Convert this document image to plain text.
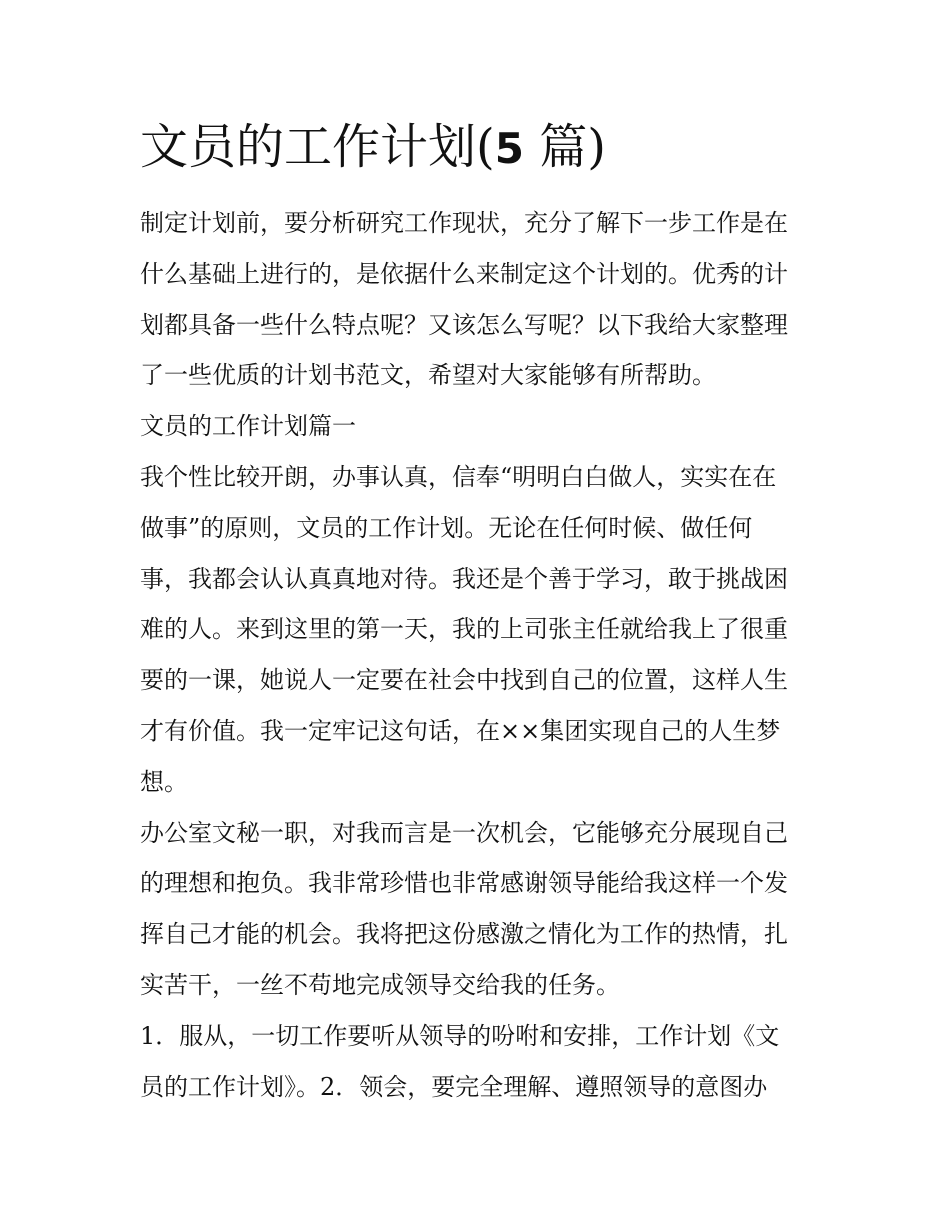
文员的工作计划(5 篇)
制定计划前，要分析研究工作现状，充分了解下一步工作是在
什么基础上进行的，是依据什么来制定这个计划的。优秀的计
划都具备一些什么特点呢？又该怎么写呢？以下我给大家整理
了一些优质的计划书范文，希望对大家能够有所帮助。
文员的工作计划篇一
我个性比较开朗，办事认真，信奉“明明白白做人，实实在在
做事”的原则，文员的工作计划。无论在任何时候、做任何
事，我都会认认真真地对待。我还是个善于学习，敢于挑战困
难的人。来到这里的第一天，我的上司张主任就给我上了很重
要的一课，她说人一定要在社会中找到自己的位置，这样人生
才有价值。我一定牢记这句话，在××集团实现自己的人生梦
想。
办公室文秘一职，对我而言是一次机会，它能够充分展现自己
的理想和抱负。我非常珍惜也非常感谢领导能给我这样一个发
挥自己才能的机会。我将把这份感激之情化为工作的热情，扎
实苦干，一丝不苟地完成领导交给我的任务。
1．服从，一切工作要听从领导的吩咐和安排，工作计划《文
员的工作计划》。2．领会，要完全理解、遵照领导的意图办
